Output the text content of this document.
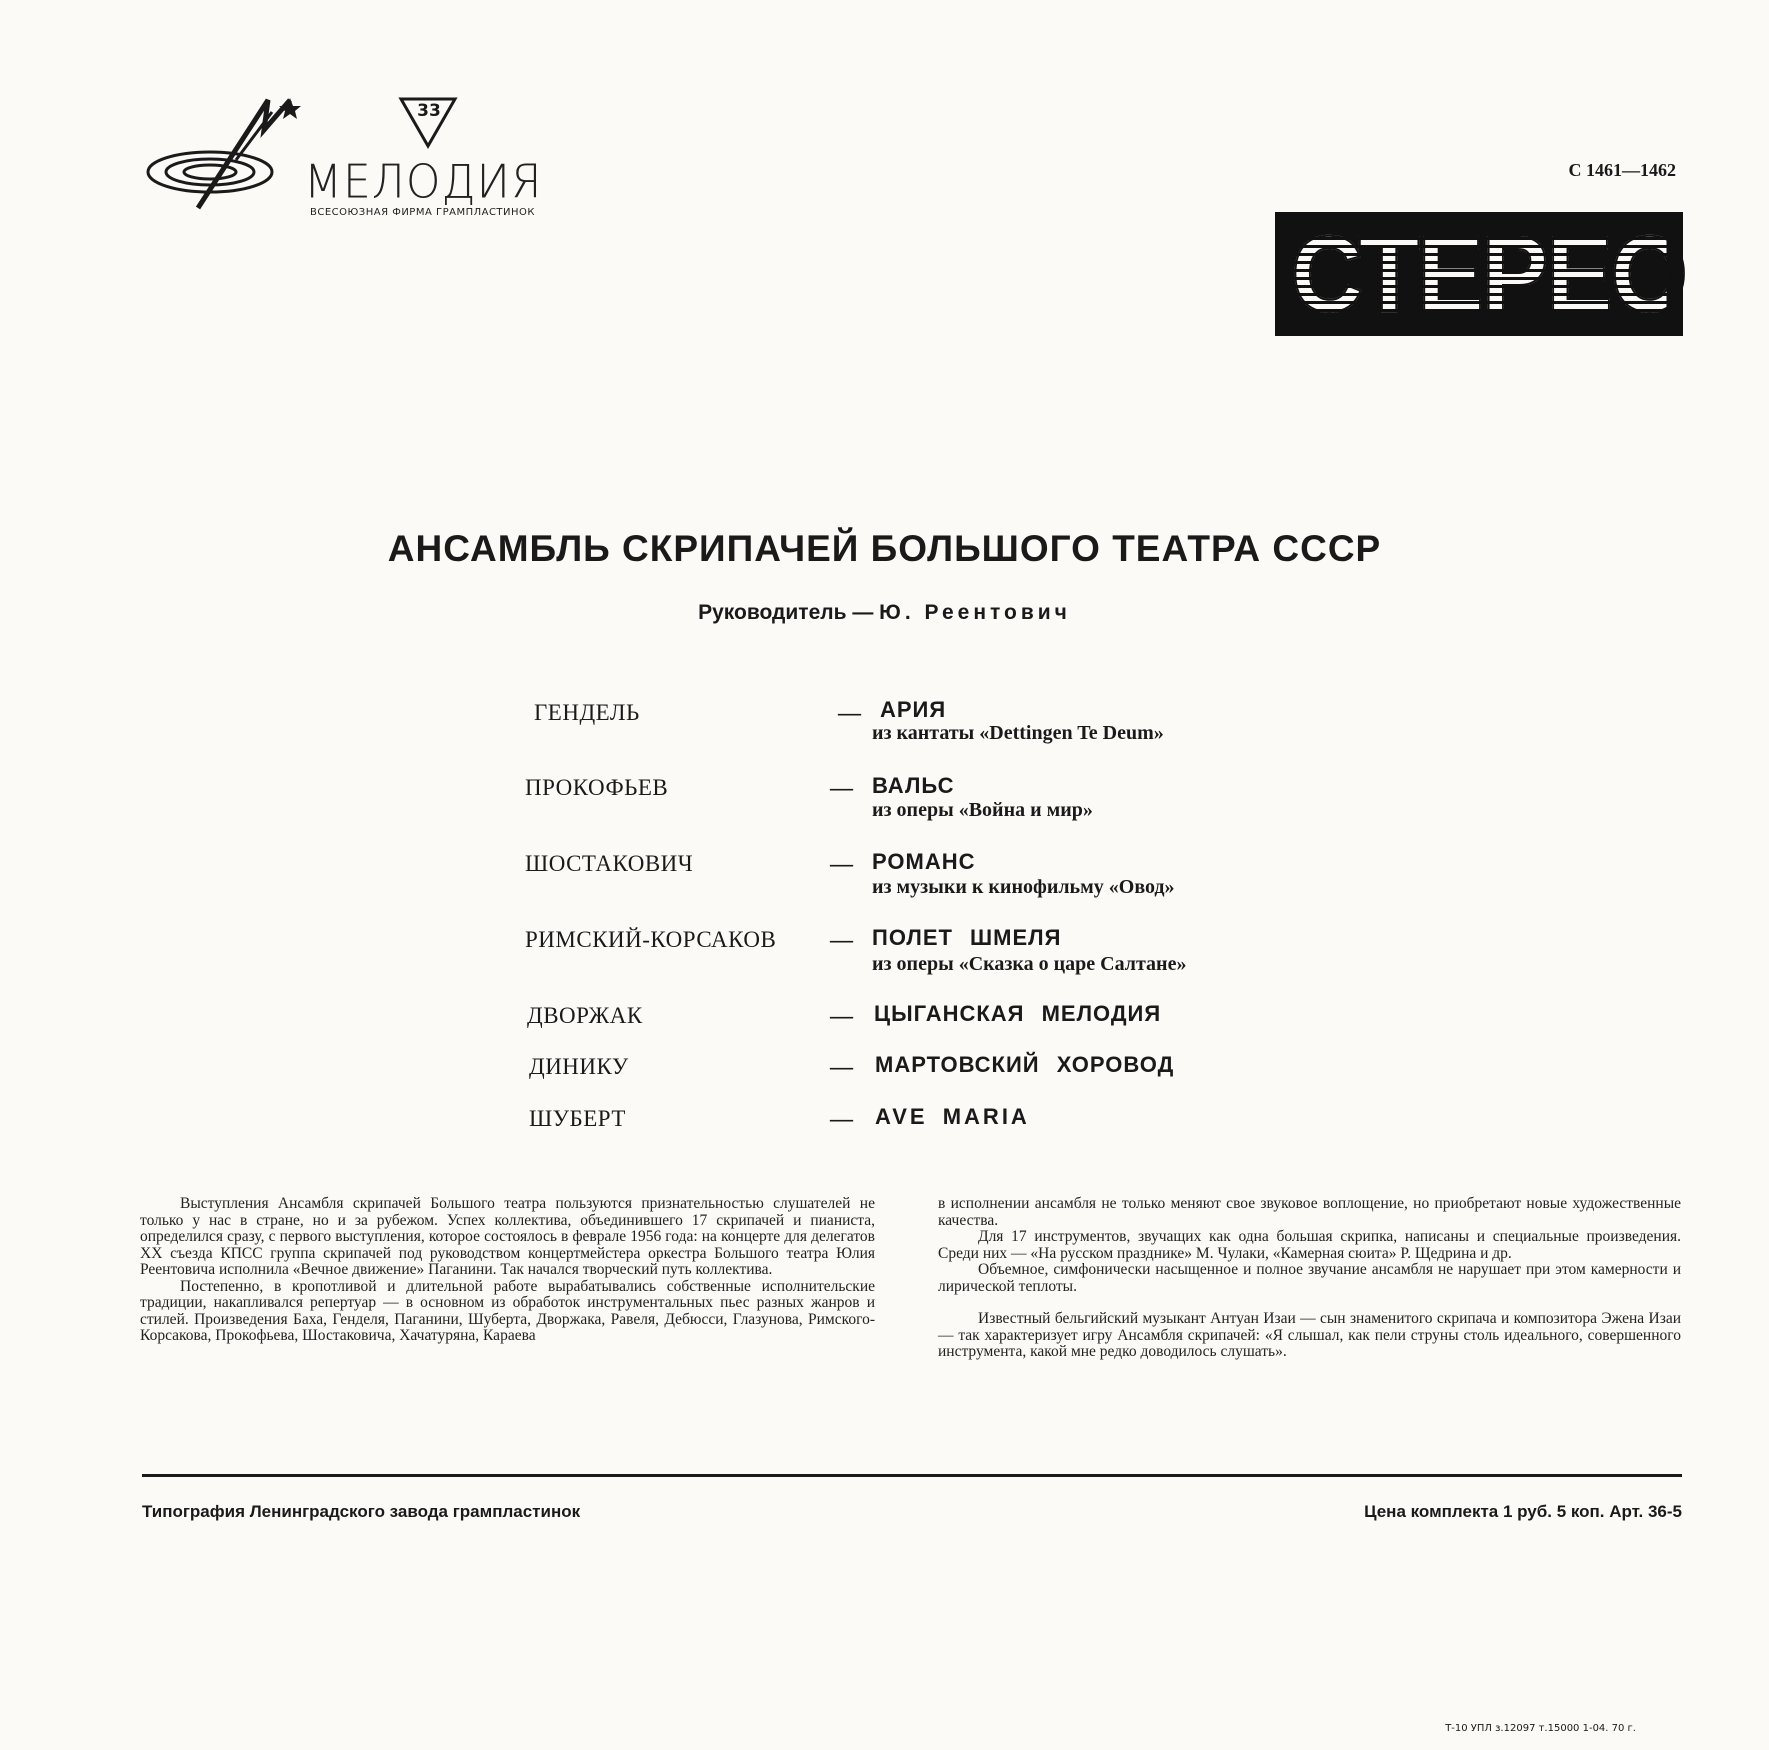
МЕЛОДИЯ
ВСЕСОЮЗНАЯ ФИРМА ГРАМПЛАСТИНОК
33
С 1461—1462
СТЕРЕО
АНСАМБЛЬ СКРИПАЧЕЙ БОЛЬШОГО ТЕАТРА СССР
Руководитель — Ю. Реентович
ГЕНДЕЛЬ	— АРИЯ
из кантаты «Dettingen Te Deum»
ПРОКОФЬЕВ	— ВАЛЬС
из оперы «Война и мир»
ШОСТАКОВИЧ	— РОМАНС
из музыки к кинофильму «Овод»
РИМСКИЙ-КОРСАКОВ — ПОЛЕТ ШМЕЛЯ
из оперы «Сказка о царе Салтане»
ДВОРЖАК	— ЦЫГАНСКАЯ МЕЛОДИЯ
ДИНИКУ	— МАРТОВСКИЙ ХОРОВОД
ШУБЕРТ	— AVE MARIA

Выступления Ансамбля скрипачей Большого театра пользуются признательностью слушателей не только у нас в стране, но и за рубежом. Успех коллектива, объединившего 17 скрипачей и пианиста, определился сразу, с первого выступления, которое состоялось в феврале 1956 года: на концерте для делегатов XX съезда КПСС группа скрипачей под руководством концертмейстера оркестра Большого театра Юлия Реентовича исполнила «Вечное движение» Паганини. Так начался творческий путь коллектива.

Постепенно, в кропотливой и длительной работе вырабатывались собственные исполнительские традиции, накапливался репертуар — в основном из обработок инструментальных пьес разных жанров и стилей. Произведения Баха, Генделя, Паганини, Шуберта, Дворжака, Равеля, Дебюсси, Глазунова, Римского-Корсакова, Прокофьева, Шостаковича, Хачатуряна, Караева

в исполнении ансамбля не только меняют свое звуковое воплощение, но приобретают новые художественные качества.

Для 17 инструментов, звучащих как одна большая скрипка, написаны и специальные произведения. Среди них — «На русском празднике» М. Чулаки, «Камерная сюита» Р. Щедрина и др.

Объемное, симфонически насыщенное и полное звучание ансамбля не нарушает при этом камерности и лирической теплоты.

Известный бельгийский музыкант Антуан Изаи — сын знаменитого скрипача и композитора Эжена Изаи — так характеризует игру Ансамбля скрипачей: «Я слышал, как пели струны столь идеального, совершенного инструмента, какой мне редко доводилось слушать».

Типография Ленинградского завода грампластинок	Цена комплекта 1 руб. 5 коп. Арт. 36-5
Т-10 УПЛ з.12097 т.15000 1-04. 70 г.
